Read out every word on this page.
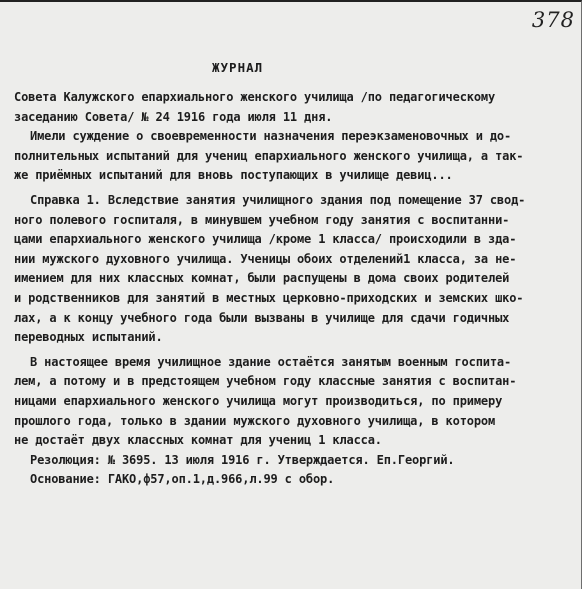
378
ЖУРНАЛ
Совета Калужского епархиального женского училища /по педагогическому
заседанию Совета/ № 24 1916 года июля 11 дня.
Имели суждение о своевременности назначения переэкзаменовочных и до-
полнительных испытаний для учениц епархиального женского училища, а так-
же приёмных испытаний для вновь поступающих в училище девиц...
Справка 1. Вследствие занятия училищного здания под помещение 37 свод-
ного полевого госпиталя, в минувшем учебном году занятия с воспитанни-
цами епархиального женского училища /кроме 1 класса/ происходили в зда-
нии мужского духовного училища. Ученицы обоих отделений1 класса, за не-
имением для них классных комнат, были распущены в дома своих родителей
и родственников для занятий в местных церковно-приходских и земских шко-
лах, а к концу учебного года были вызваны в училище для сдачи годичных
переводных испытаний.
В настоящее время училищное здание остаётся занятым военным госпита-
лем, а потому и в предстоящем учебном году классные занятия с воспитан-
ницами епархиального женского училища могут производиться, по примеру
прошлого года, только в здании мужского духовного училища, в котором
не достаёт двух классных комнат для учениц 1 класса.
Резолюция: № 3695. 13 июля 1916 г. Утверждается. Еп.Георгий.
Основание: ГАКО,ф57,оп.1,д.966,л.99 с обор.
